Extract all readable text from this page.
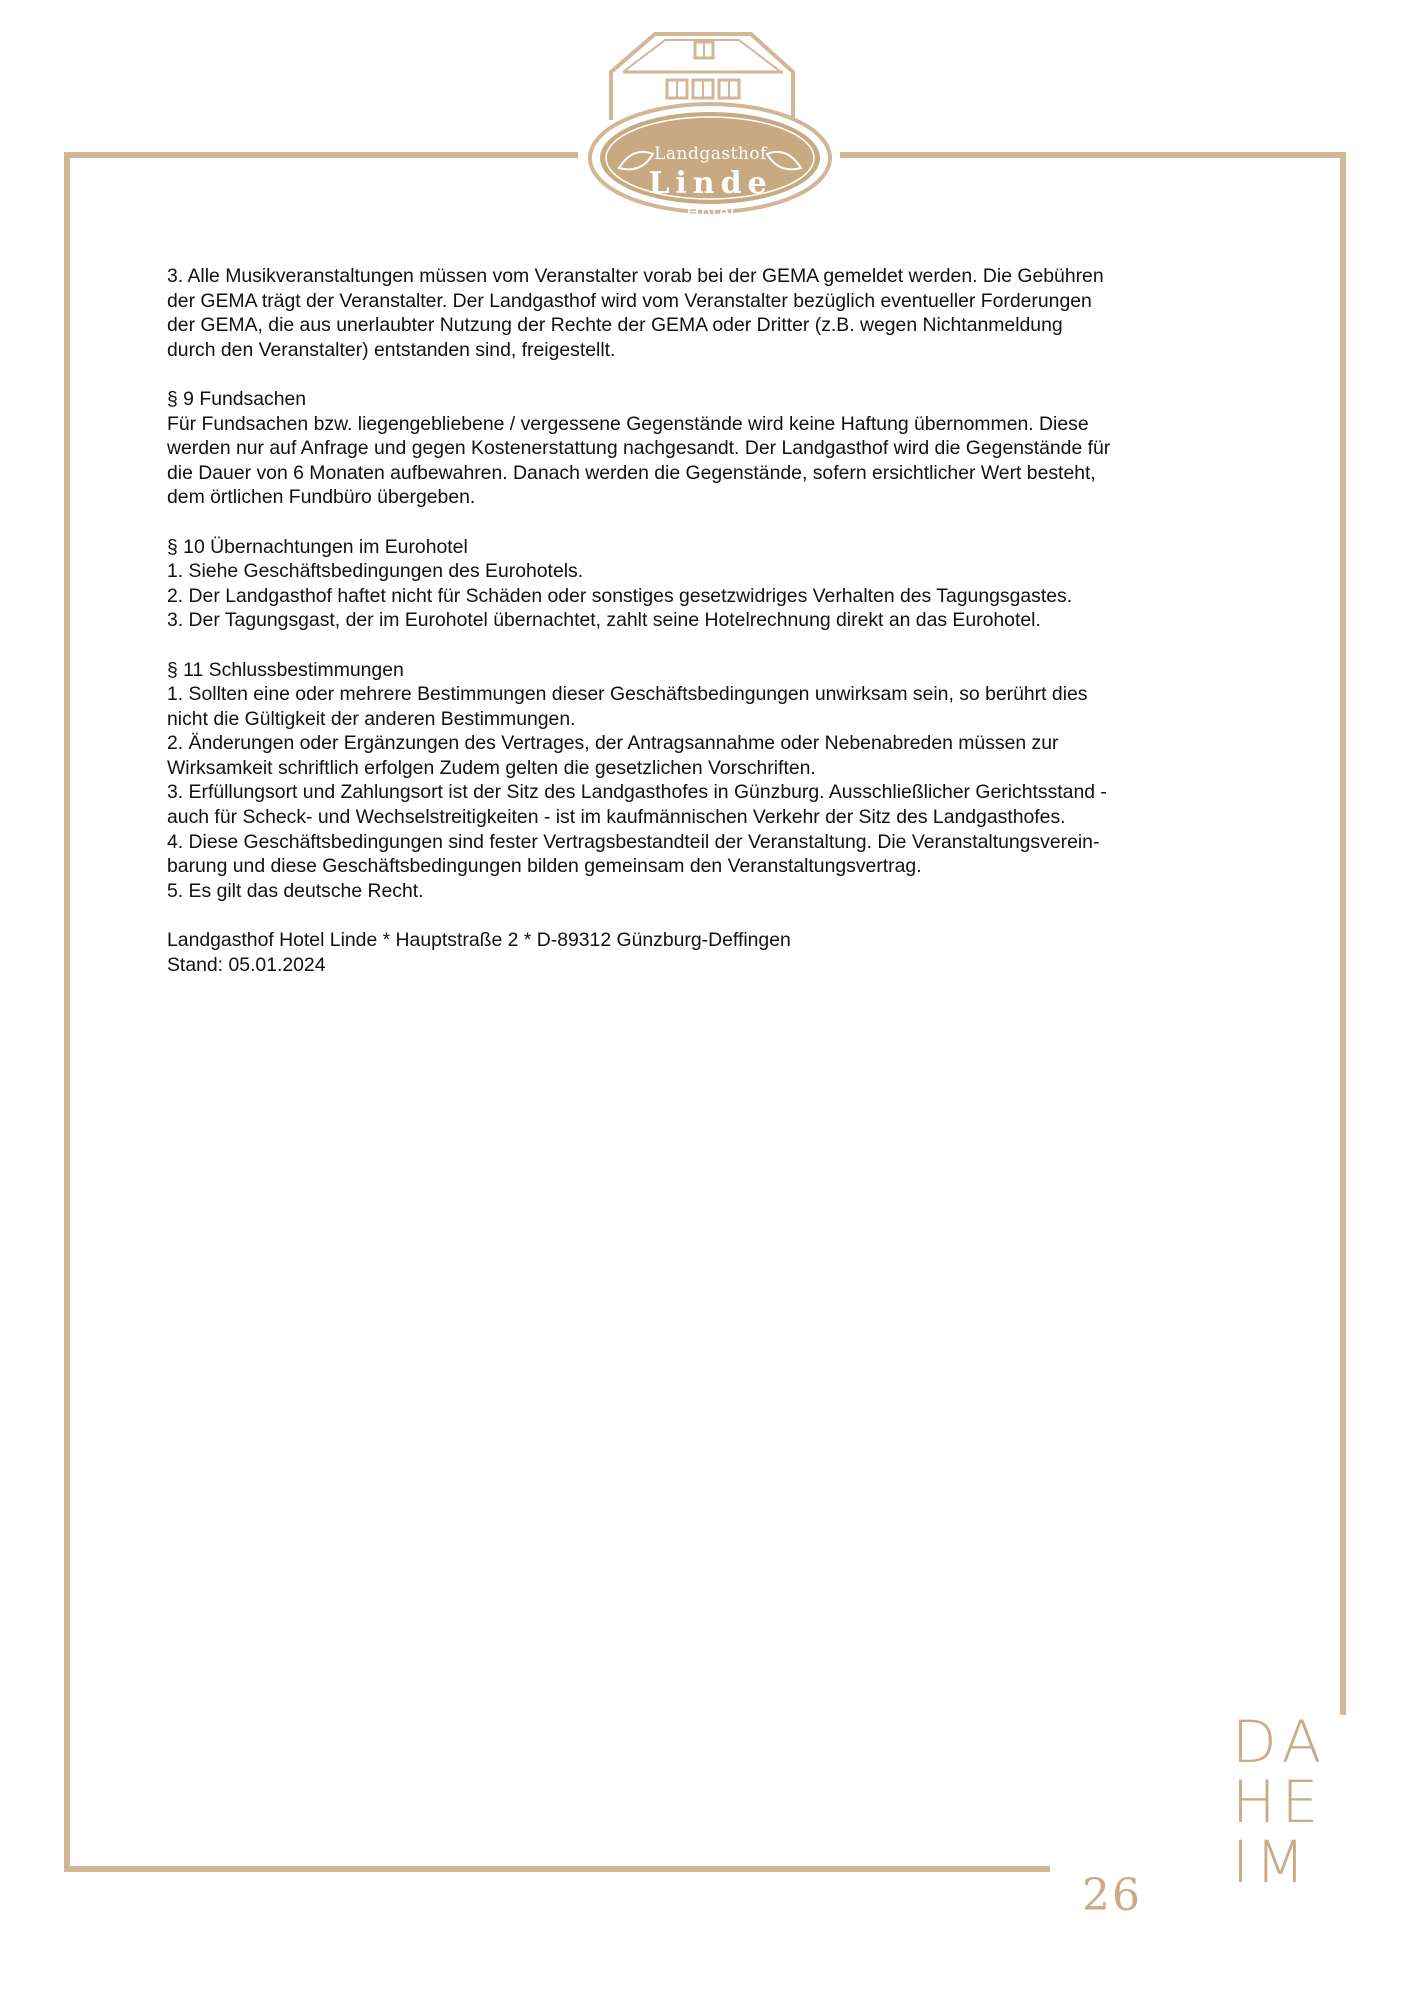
Landgasthof
Linde
Hotel

3. Alle Musikveranstaltungen müssen vom Veranstalter vorab bei der GEMA gemeldet werden. Die Gebühren
der GEMA trägt der Veranstalter. Der Landgasthof wird vom Veranstalter bezüglich eventueller Forderungen
der GEMA, die aus unerlaubter Nutzung der Rechte der GEMA oder Dritter (z.B. wegen Nichtanmeldung
durch den Veranstalter) entstanden sind, freigestellt.

§ 9 Fundsachen
Für Fundsachen bzw. liegengebliebene / vergessene Gegenstände wird keine Haftung übernommen. Diese
werden nur auf Anfrage und gegen Kostenerstattung nachgesandt. Der Landgasthof wird die Gegenstände für
die Dauer von 6 Monaten aufbewahren. Danach werden die Gegenstände, sofern ersichtlicher Wert besteht,
dem örtlichen Fundbüro übergeben.

§ 10 Übernachtungen im Eurohotel
1. Siehe Geschäftsbedingungen des Eurohotels.
2. Der Landgasthof haftet nicht für Schäden oder sonstiges gesetzwidriges Verhalten des Tagungsgastes.
3. Der Tagungsgast, der im Eurohotel übernachtet, zahlt seine Hotelrechnung direkt an das Eurohotel.

§ 11 Schlussbestimmungen
1. Sollten eine oder mehrere Bestimmungen dieser Geschäftsbedingungen unwirksam sein, so berührt dies
nicht die Gültigkeit der anderen Bestimmungen.
2. Änderungen oder Ergänzungen des Vertrages, der Antragsannahme oder Nebenabreden müssen zur
Wirksamkeit schriftlich erfolgen Zudem gelten die gesetzlichen Vorschriften.
3. Erfüllungsort und Zahlungsort ist der Sitz des Landgasthofes in Günzburg. Ausschließlicher Gerichtsstand -
auch für Scheck- und Wechselstreitigkeiten - ist im kaufmännischen Verkehr der Sitz des Landgasthofes.
4. Diese Geschäftsbedingungen sind fester Vertragsbestandteil der Veranstaltung. Die Veranstaltungsverein-
barung und diese Geschäftsbedingungen bilden gemeinsam den Veranstaltungsvertrag.
5. Es gilt das deutsche Recht.

Landgasthof Hotel Linde * Hauptstraße 2 * D-89312 Günzburg-Deffingen
Stand: 05.01.2024

26
DA
HE
IM
